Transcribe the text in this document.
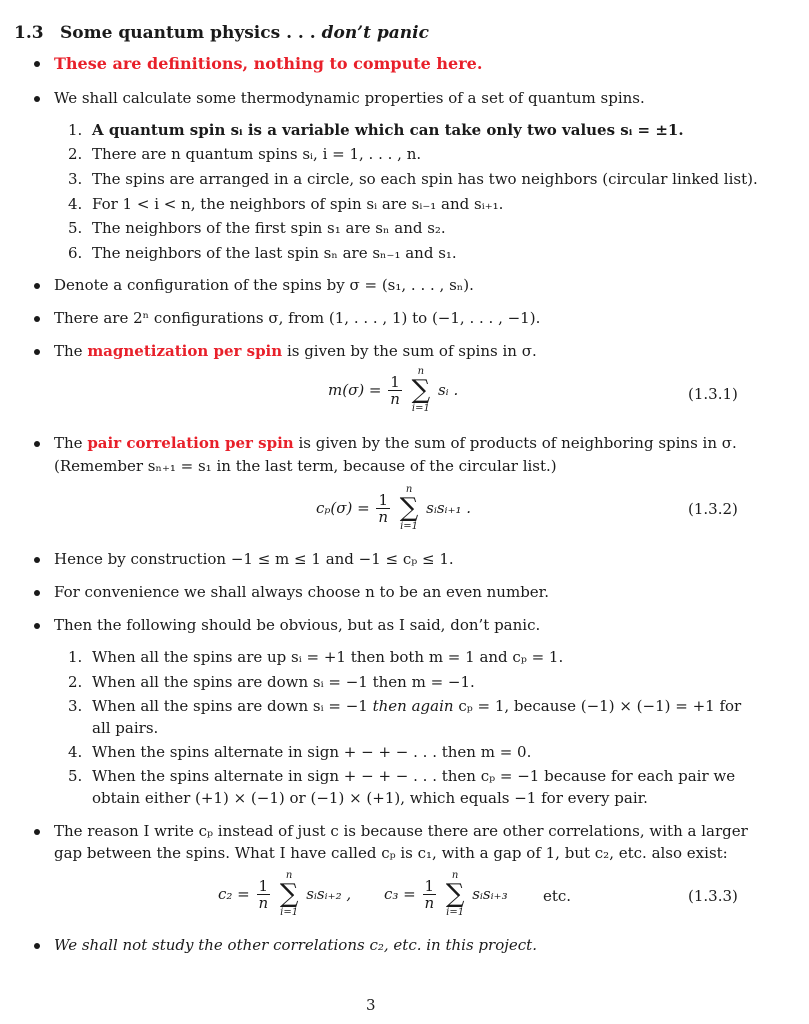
1.3 Some quantum physics . . . don’t panic
These are definitions, nothing to compute here.
We shall calculate some thermodynamic properties of a set of quantum spins.
1. A quantum spin sᵢ is a variable which can take only two values sᵢ = ±1.
2. There are n quantum spins sᵢ, i = 1, . . . , n.
3. The spins are arranged in a circle, so each spin has two neighbors (circular linked list).
4. For 1 < i < n, the neighbors of spin sᵢ are sᵢ₋₁ and sᵢ₊₁.
5. The neighbors of the first spin s₁ are sₙ and s₂.
6. The neighbors of the last spin sₙ are sₙ₋₁ and s₁.
Denote a configuration of the spins by σ = (s₁, . . . , sₙ).
There are 2ⁿ configurations σ, from (1, . . . , 1) to (−1, . . . , −1).
The magnetization per spin is given by the sum of spins in σ.
$m(\sigma) = \frac{1}{n}$

n
∑
i=1
sᵢ .	(1.3.1)
The pair correlation per spin is given by the sum of products of neighboring spins in σ.
(Remember sₙ₊₁ = s₁ in the last term, because of the circular list.)
$c_p(\sigma) = \frac{1}{n}$

n
∑
i=1
sᵢsᵢ₊₁ .	(1.3.2)
Hence by construction −1 ≤ m ≤ 1 and −1 ≤ cₚ ≤ 1.
For convenience we shall always choose n to be an even number.
Then the following should be obvious, but as I said, don’t panic.
1. When all the spins are up sᵢ = +1 then both m = 1 and cₚ = 1.
2. When all the spins are down sᵢ = −1 then m = −1.
3. When all the spins are down sᵢ = −1 then again cₚ = 1, because (−1) × (−1) = +1 for
all pairs.
4. When the spins alternate in sign + − + − . . . then m = 0.
5. When the spins alternate in sign + − + − . . . then cₚ = −1 because for each pair we
obtain either (+1) × (−1) or (−1) × (+1), which equals −1 for every pair.
The reason I write cₚ instead of just c is because there are other correlations, with a larger
gap between the spins. What I have called cₚ is c₁, with a gap of 1, but c₂, etc. also exist:
$c_2 = \frac{1}{n}$

n
∑
i=1
sᵢsᵢ₊₂ , $c_3 = \frac{1}{n}$

n
∑
i=1
sᵢsᵢ₊₃ etc.	(1.3.3)
We shall not study the other correlations c₂, etc. in this project.
3
